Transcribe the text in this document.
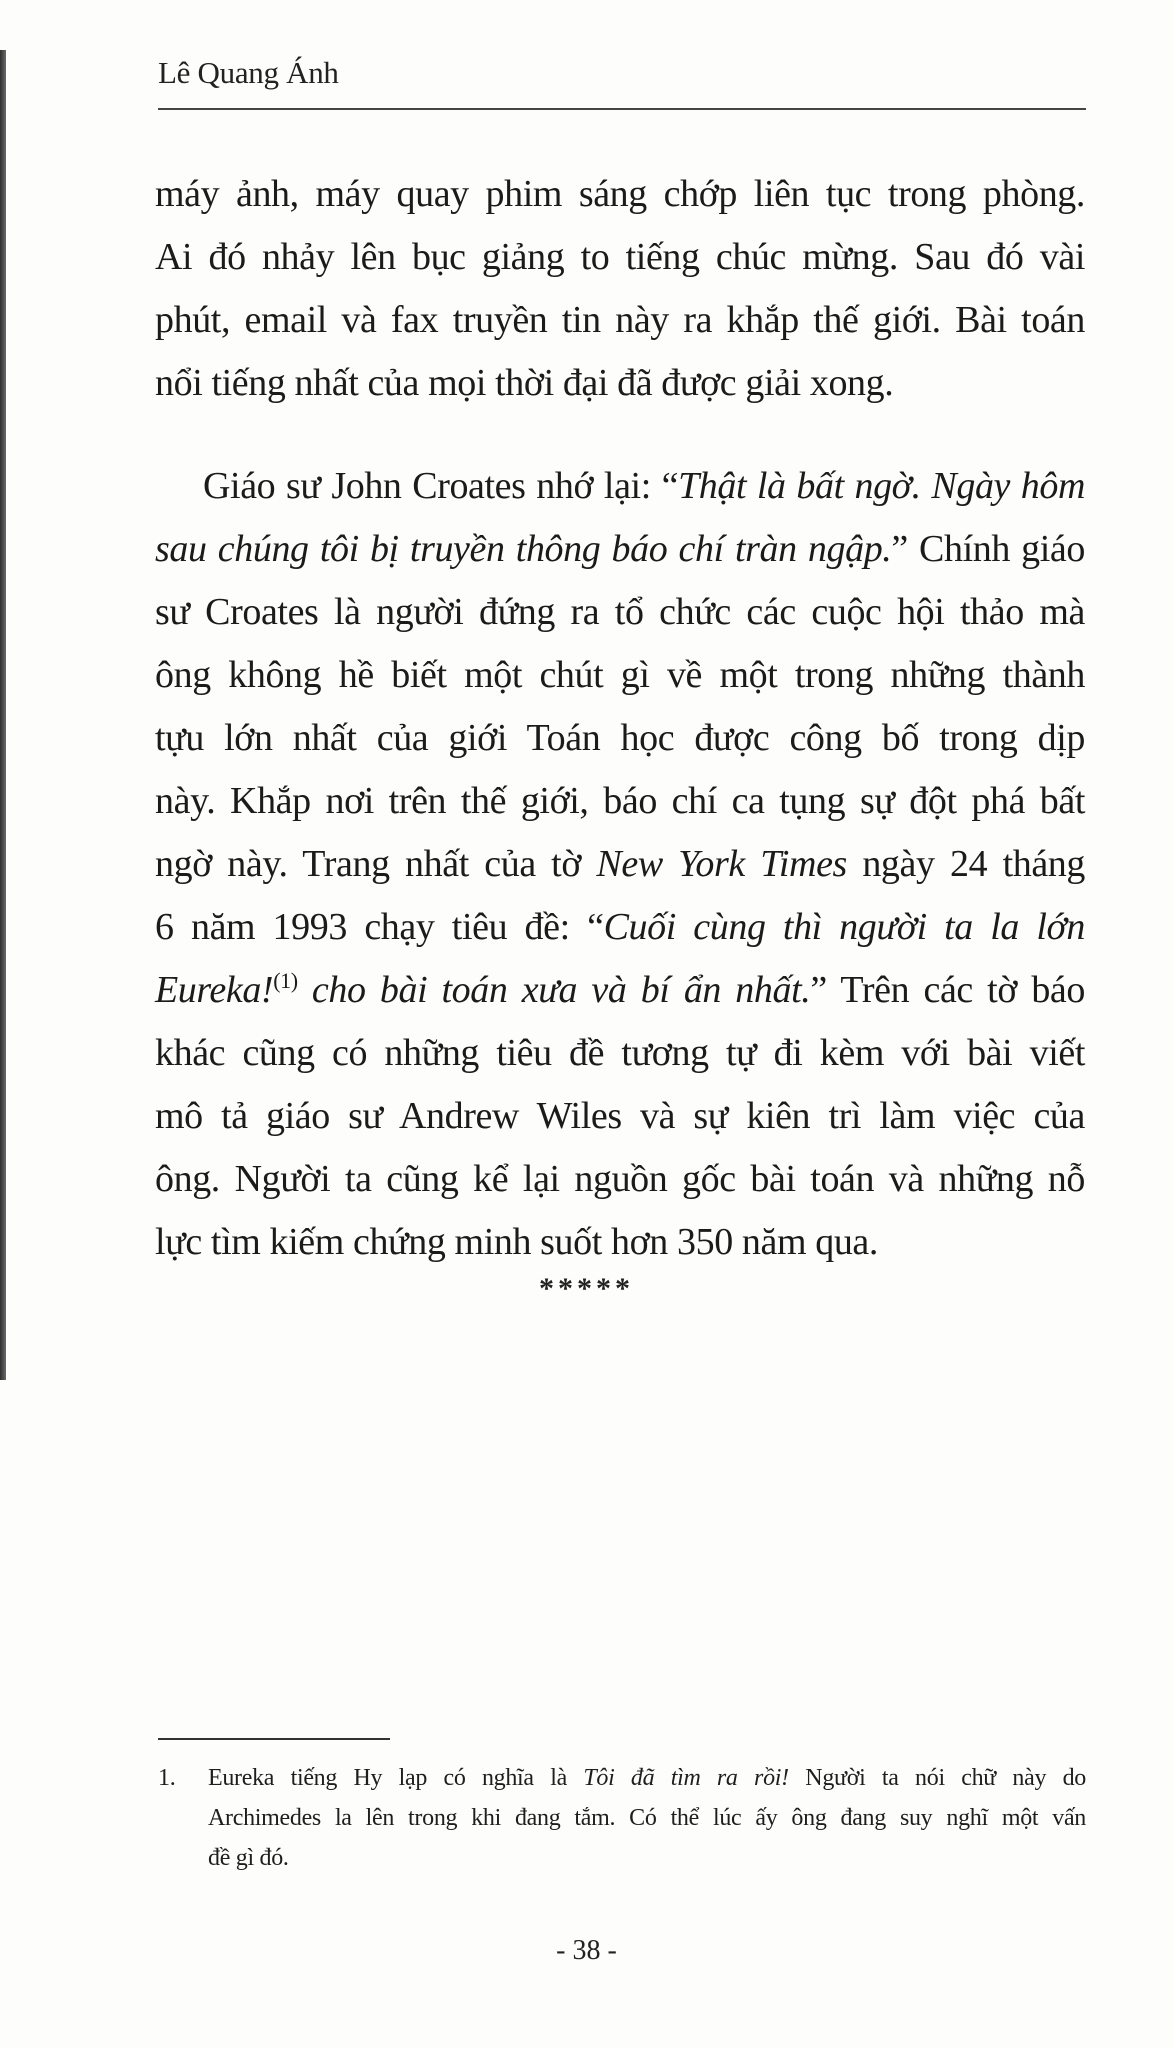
Lê Quang Ánh
máy ảnh, máy quay phim sáng chớp liên tục trong phòng.
Ai đó nhảy lên bục giảng to tiếng chúc mừng. Sau đó vài
phút, email và fax truyền tin này ra khắp thế giới. Bài toán
nổi tiếng nhất của mọi thời đại đã được giải xong.
Giáo sư John Croates nhớ lại: “Thật là bất ngờ. Ngày hôm
sau chúng tôi bị truyền thông báo chí tràn ngập.” Chính giáo
sư Croates là người đứng ra tổ chức các cuộc hội thảo mà
ông không hề biết một chút gì về một trong những thành
tựu lớn nhất của giới Toán học được công bố trong dịp
này. Khắp nơi trên thế giới, báo chí ca tụng sự đột phá bất
ngờ này. Trang nhất của tờ New York Times ngày 24 tháng
6 năm 1993 chạy tiêu đề: “Cuối cùng thì người ta la lớn
Eureka!$^{(1)}$ cho bài toán xưa và bí ẩn nhất.” Trên các tờ báo
khác cũng có những tiêu đề tương tự đi kèm với bài viết
mô tả giáo sư Andrew Wiles và sự kiên trì làm việc của
ông. Người ta cũng kể lại nguồn gốc bài toán và những nỗ
lực tìm kiếm chứng minh suốt hơn 350 năm qua.
*****
1. Eureka tiếng Hy lạp có nghĩa là Tôi đã tìm ra rồi! Người ta nói chữ này do
Archimedes la lên trong khi đang tắm. Có thể lúc ấy ông đang suy nghĩ một vấn
đề gì đó.
- 38 -
